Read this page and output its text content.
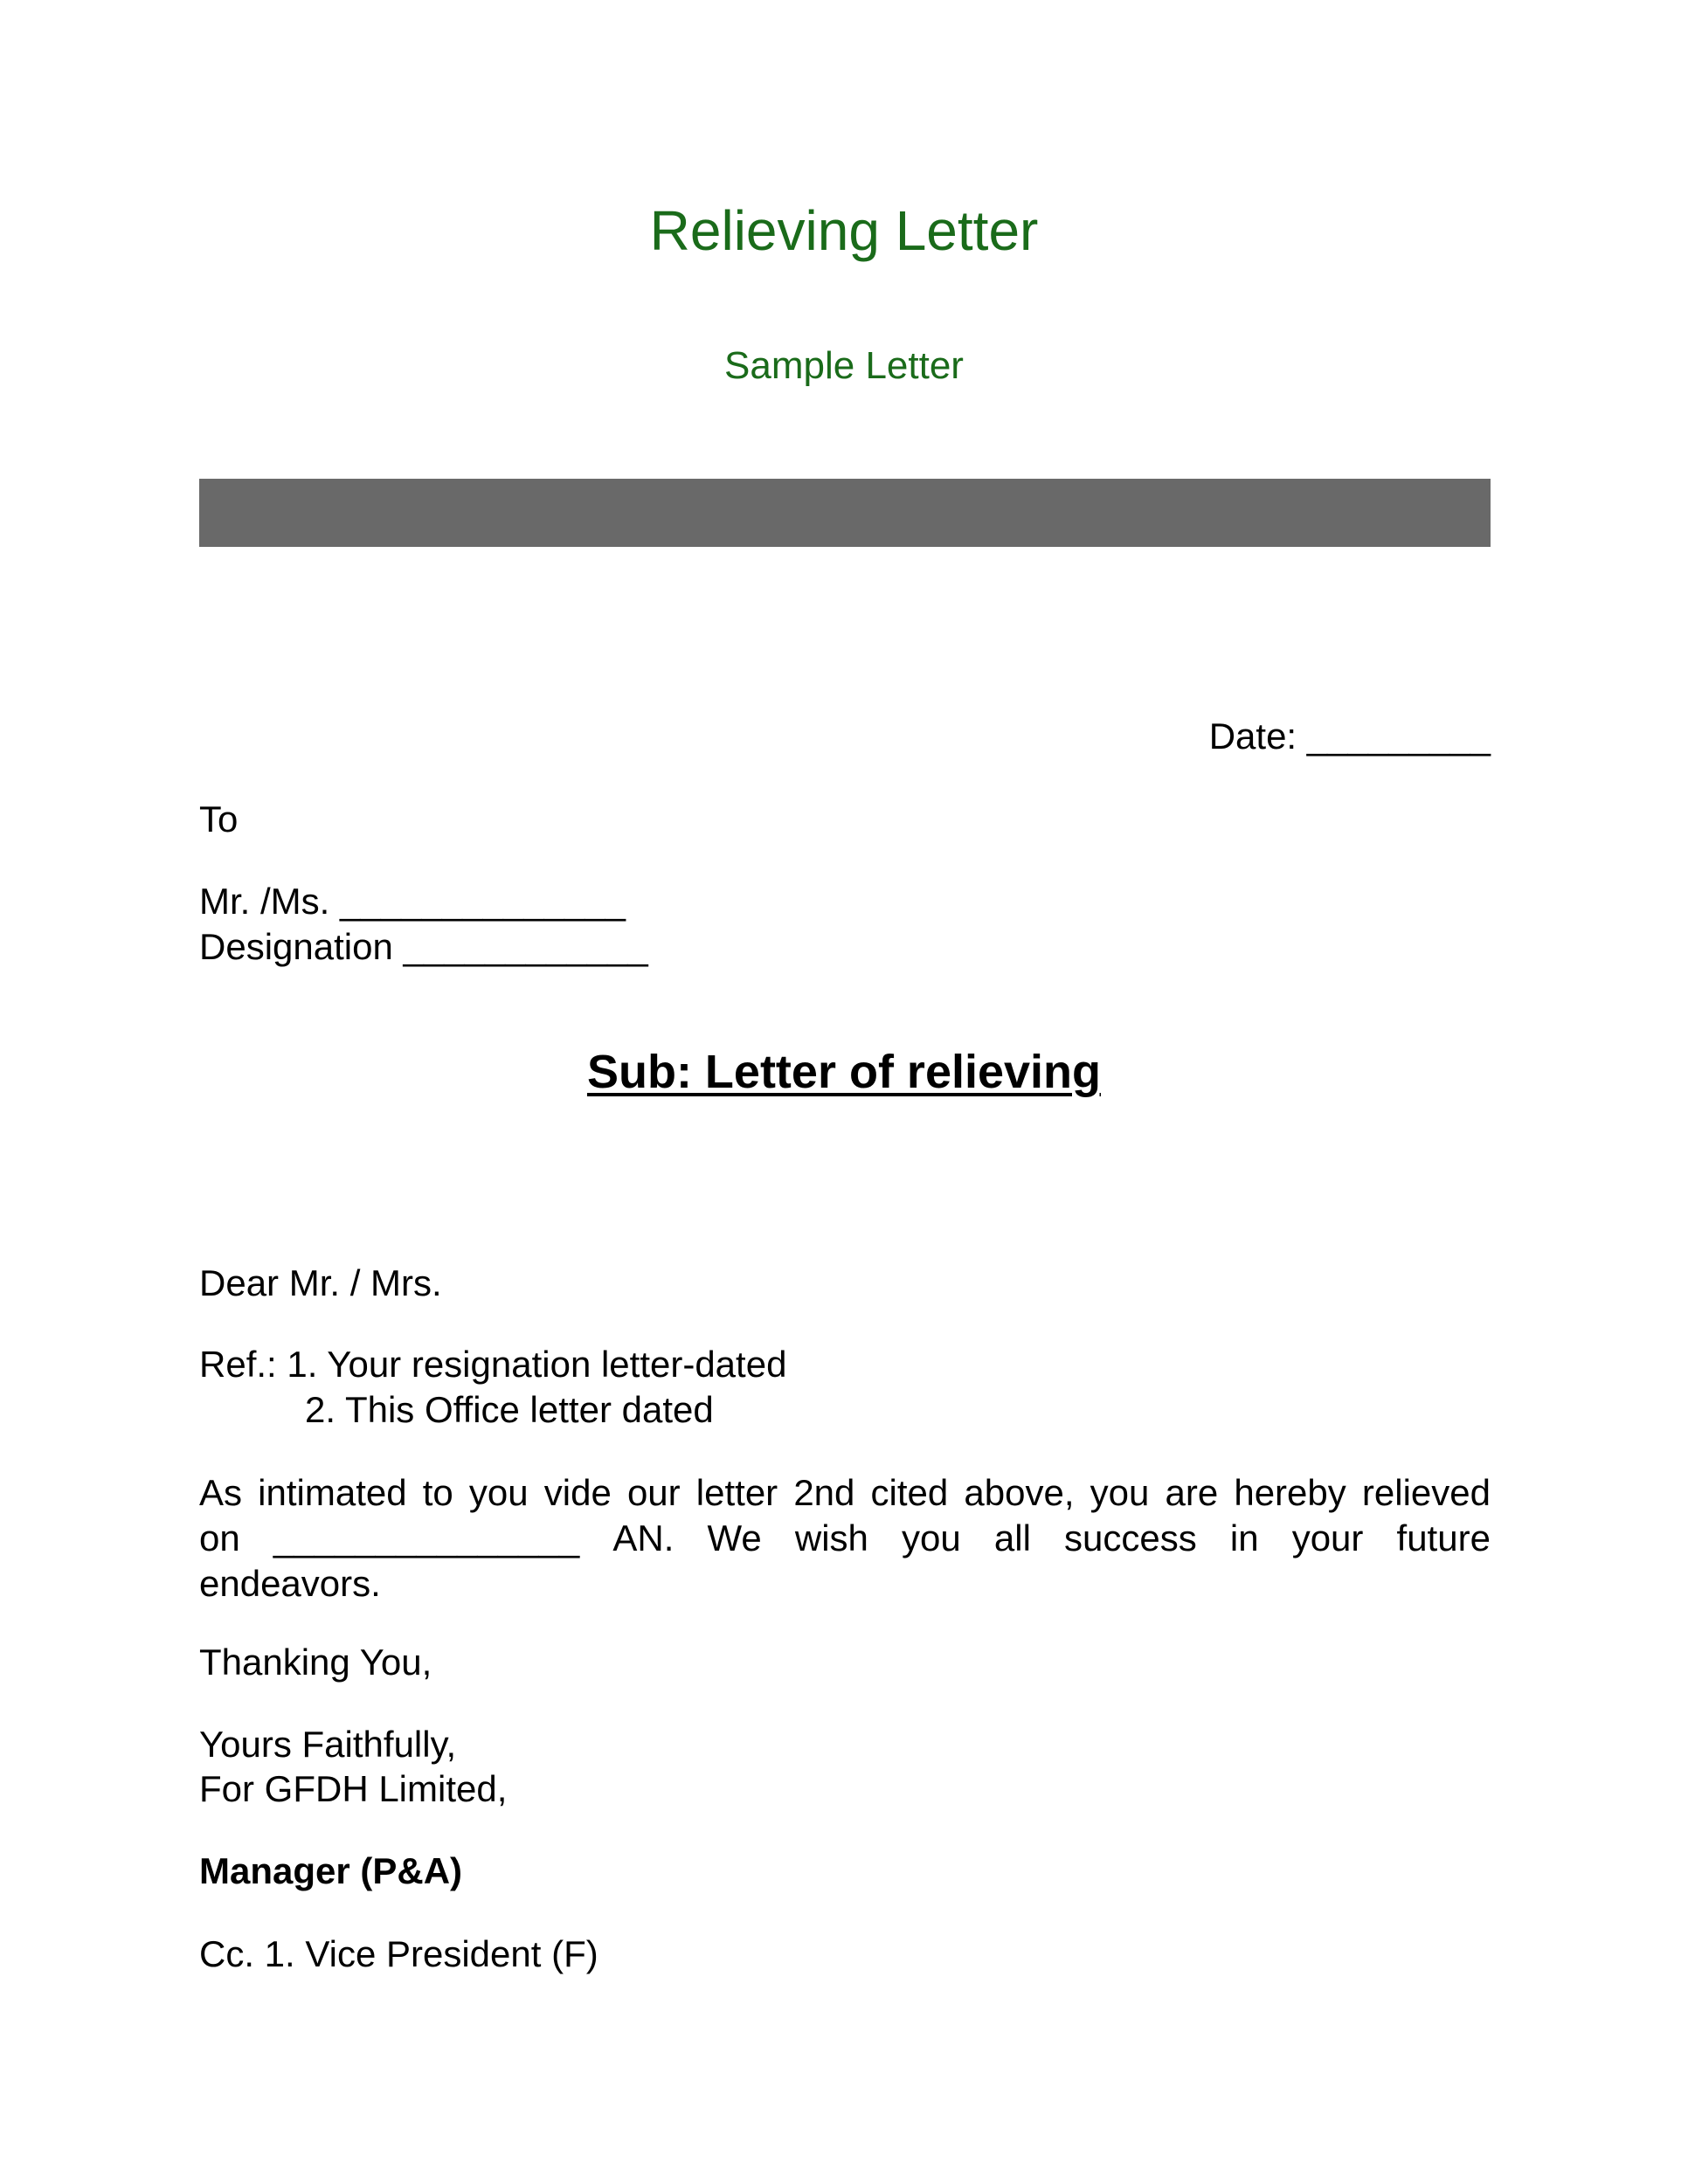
Relieving Letter
Sample Letter
Date: _________
To
Mr. /Ms. ______________
Designation ____________
Sub: Letter of relieving
Dear Mr. / Mrs.
Ref.: 1. Your resignation letter-dated
2. This Office letter dated
As intimated to you vide our letter 2nd cited above, you are hereby relieved
on _______________ AN. We wish you all success in your future
endeavors.
Thanking You,
Yours Faithfully,
For GFDH Limited,
Manager (P&A)
Cc. 1. Vice President (F)
